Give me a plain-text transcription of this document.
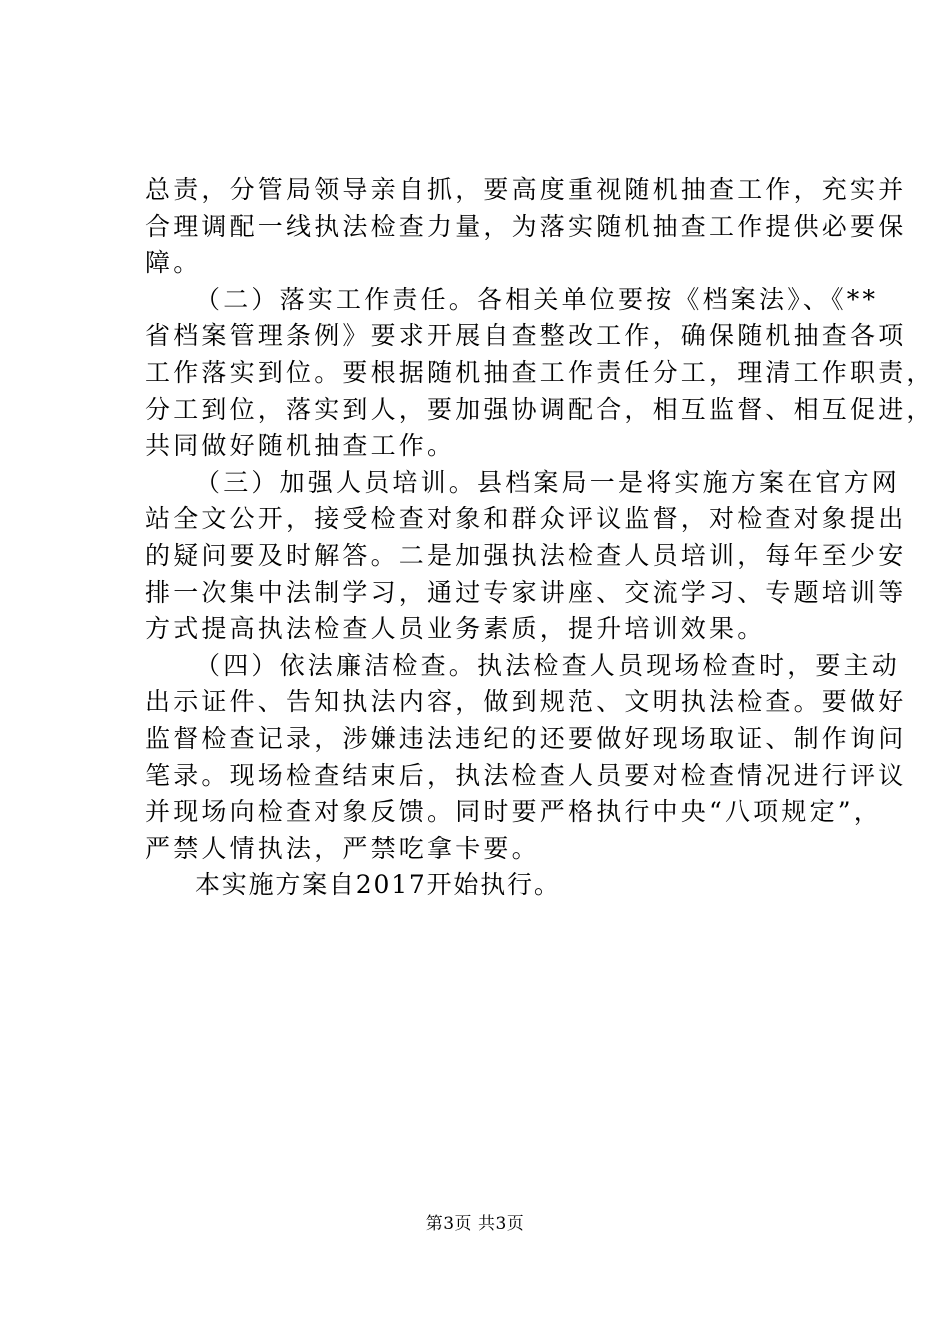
总责，分管局领导亲自抓，要高度重视随机抽查工作，充实并
合理调配一线执法检查力量，为落实随机抽查工作提供必要保
障。
（二）落实工作责任。各相关单位要按《档案法》、《**
省档案管理条例》要求开展自查整改工作，确保随机抽查各项
工作落实到位。要根据随机抽查工作责任分工，理清工作职责，
分工到位，落实到人，要加强协调配合，相互监督、相互促进，
共同做好随机抽查工作。
（三）加强人员培训。县档案局一是将实施方案在官方网
站全文公开，接受检查对象和群众评议监督，对检查对象提出
的疑问要及时解答。二是加强执法检查人员培训，每年至少安
排一次集中法制学习，通过专家讲座、交流学习、专题培训等
方式提高执法检查人员业务素质，提升培训效果。
（四）依法廉洁检查。执法检查人员现场检查时，要主动
出示证件、告知执法内容，做到规范、文明执法检查。要做好
监督检查记录，涉嫌违法违纪的还要做好现场取证、制作询问
笔录。现场检查结束后，执法检查人员要对检查情况进行评议
并现场向检查对象反馈。同时要严格执行中央“八项规定”，
严禁人情执法，严禁吃拿卡要。
本实施方案自2017开始执行。
第3页 共3页
